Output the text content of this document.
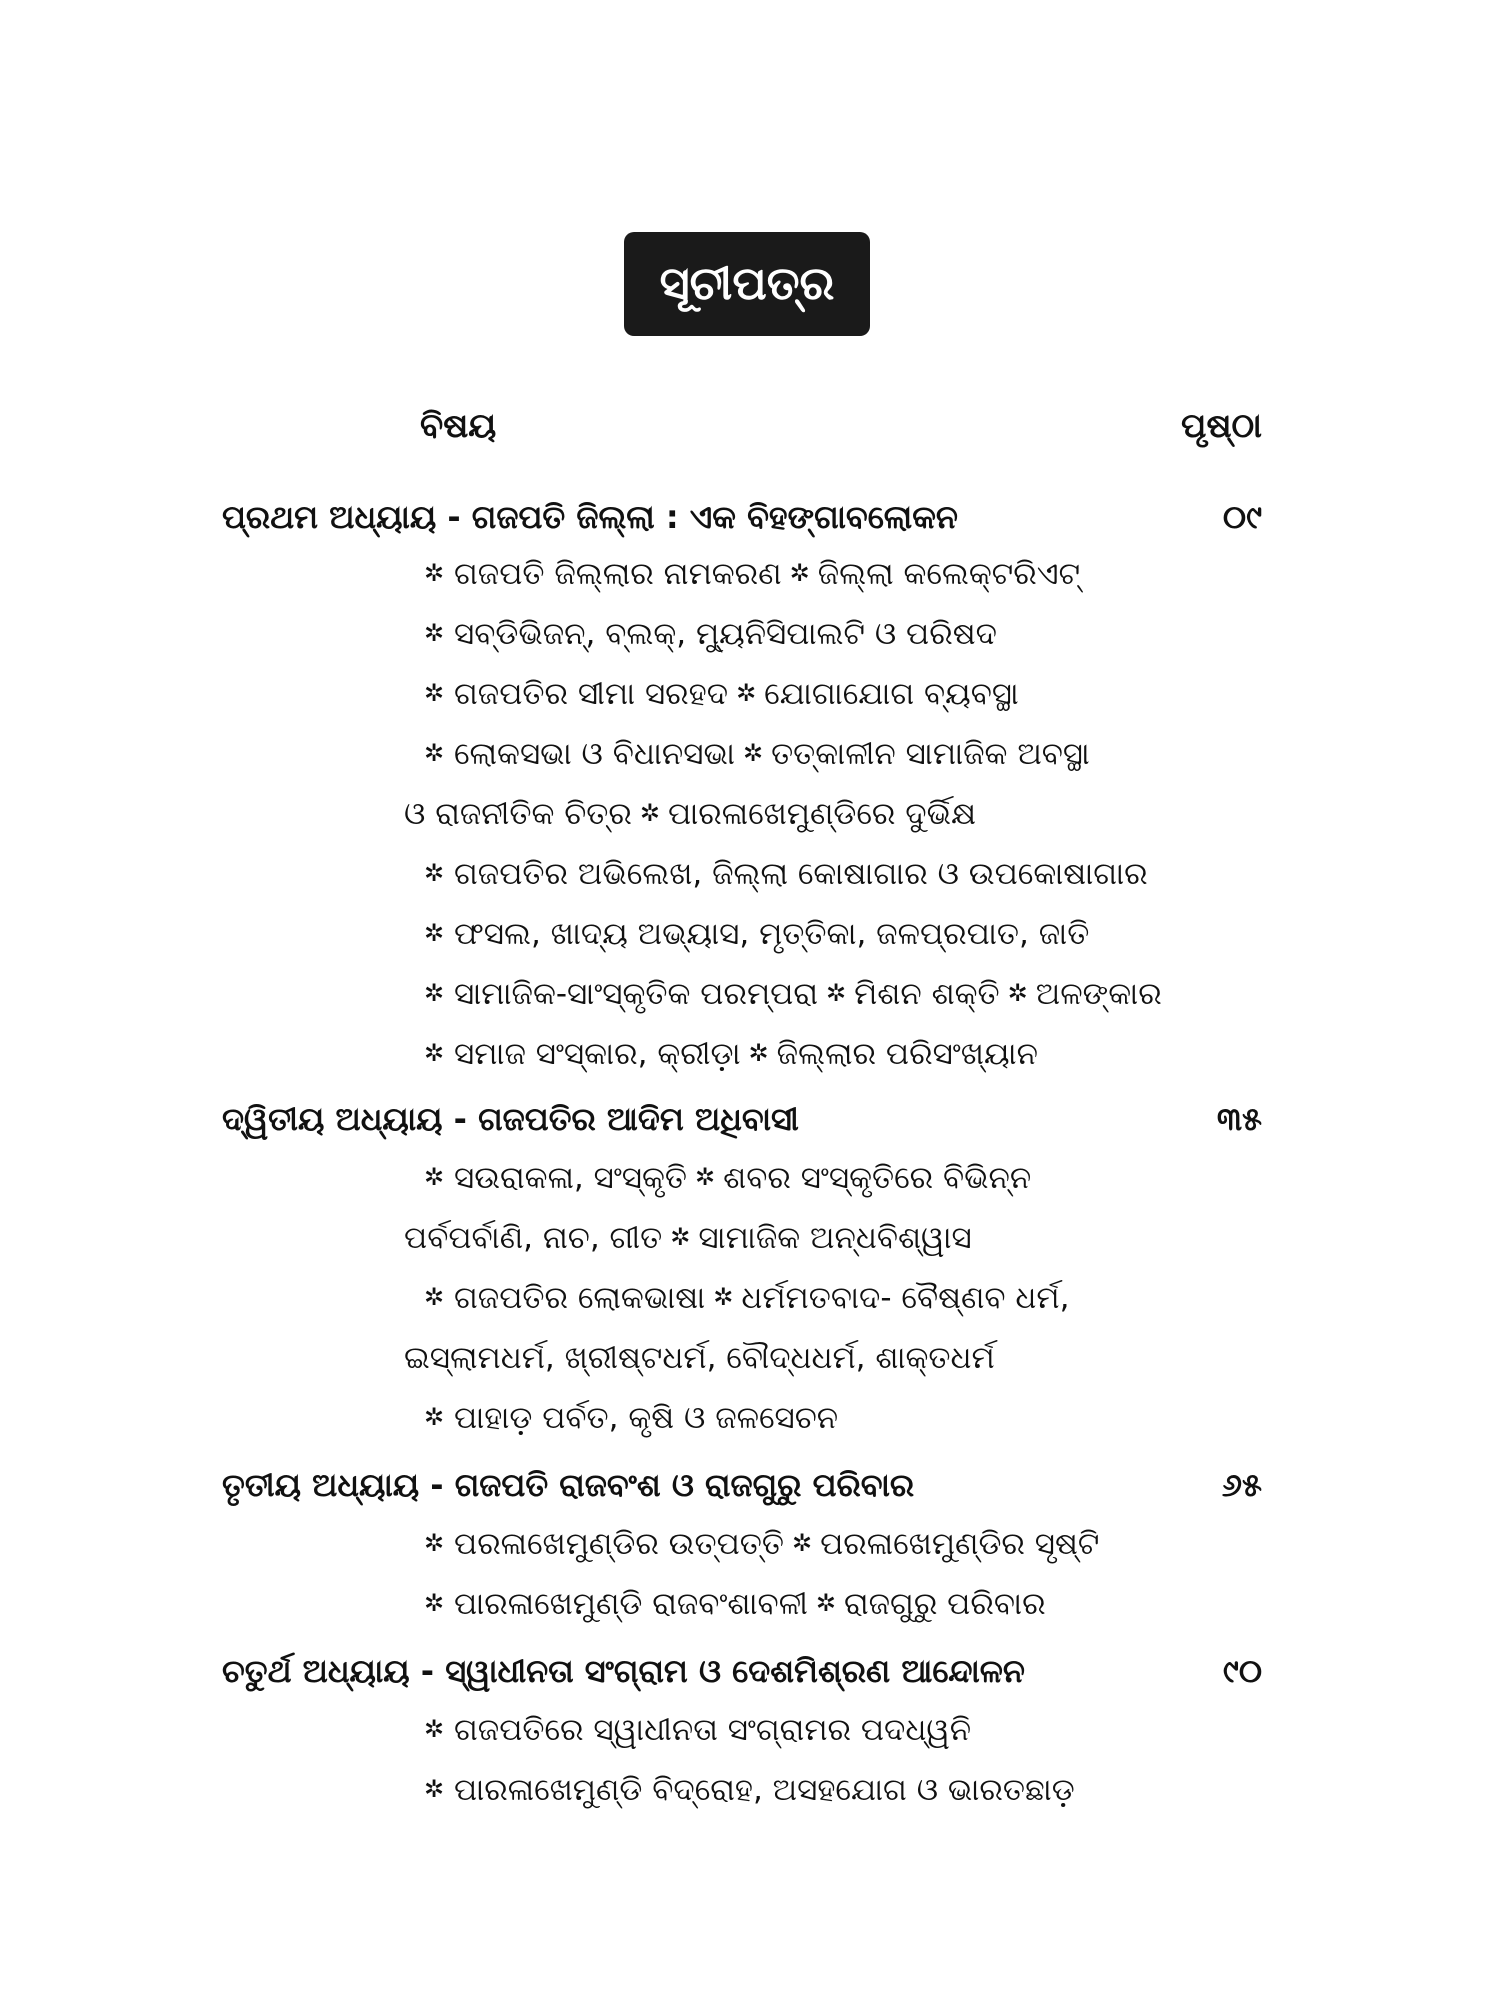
ସୂଚୀପତ୍ର
ବିଷୟ	ପୃଷ୍ଠା
ପ୍ରଥମ ଅଧ୍ୟାୟ - ଗଜପତି ଜିଲ୍ଲା : ଏକ ବିହଙ୍ଗାବଲୋକନ	୦୯
✲ ଗଜପତି ଜିଲ୍ଲାର ନାମକରଣ ✲ ଜିଲ୍ଲା କଲେକ୍ଟରିଏଟ୍
✲ ସବ୍‌ଡିଭିଜନ୍, ବ୍ଲକ୍, ମ୍ୟୁନିସିପାଲଟି ଓ ପରିଷଦ
✲ ଗଜପତିର ସୀମା ସରହଦ ✲ ଯୋଗାଯୋଗ ବ୍ୟବସ୍ଥା
✲ ଲୋକସଭା ଓ ବିଧାନସଭା ✲ ତତ୍କାଳୀନ ସାମାଜିକ ଅବସ୍ଥା
ଓ ରାଜନୀତିକ ଚିତ୍ର ✲ ପାରଳାଖେମୁଣ୍ଡିରେ ଦୁର୍ଭିକ୍ଷ
✲ ଗଜପତିର ଅଭିଲେଖ, ଜିଲ୍ଲା କୋଷାଗାର ଓ ଉପକୋଷାଗାର
✲ ଫସଲ, ଖାଦ୍ୟ ଅଭ୍ୟାସ, ମୃତ୍ତିକା, ଜଳପ୍ରପାତ, ଜାତି
✲ ସାମାଜିକ-ସାଂସ୍କୃତିକ ପରମ୍ପରା ✲ ମିଶନ ଶକ୍ତି ✲ ଅଳଙ୍କାର
✲ ସମାଜ ସଂସ୍କାର, କ୍ରୀଡ଼ା ✲ ଜିଲ୍ଲାର ପରିସଂଖ୍ୟାନ
ଦ୍ୱିତୀୟ ଅଧ୍ୟାୟ - ଗଜପତିର ଆଦିମ ଅଧିବାସୀ	୩୫
✲ ସଉରାକଳା, ସଂସ୍କୃତି ✲ ଶବର ସଂସ୍କୃତିରେ ବିଭିନ୍ନ
ପର୍ବପର୍ବାଣି, ନାଚ, ଗୀତ ✲ ସାମାଜିକ ଅନ୍ଧବିଶ୍ୱାସ
✲ ଗଜପତିର ଲୋକଭାଷା ✲ ଧର୍ମମତବାଦ- ବୈଷ୍ଣବ ଧର୍ମ,
ଇସ୍‌ଲାମଧର୍ମ, ଖ୍ରୀଷ୍ଟଧର୍ମ, ବୌଦ୍ଧଧର୍ମ, ଶାକ୍ତଧର୍ମ
✲ ପାହାଡ଼ ପର୍ବତ, କୃଷି ଓ ଜଳସେଚନ
ତୃତୀୟ ଅଧ୍ୟାୟ - ଗଜପତି ରାଜବଂଶ ଓ ରାଜଗୁରୁ ପରିବାର	୬୫
✲ ପରଳାଖେମୁଣ୍ଡିର ଉତ୍ପତ୍ତି ✲ ପରଳାଖେମୁଣ୍ଡିର ସୃଷ୍ଟି
✲ ପାରଳାଖେମୁଣ୍ଡି ରାଜବଂଶାବଳୀ ✲ ରାଜଗୁରୁ ପରିବାର
ଚତୁର୍ଥ ଅଧ୍ୟାୟ - ସ୍ୱାଧୀନତା ସଂଗ୍ରାମ ଓ ଦେଶମିଶ୍ରଣ ଆନ୍ଦୋଳନ	୯୦
✲ ଗଜପତିରେ ସ୍ୱାଧୀନତା ସଂଗ୍ରାମର ପଦଧ୍ୱନି
✲ ପାରଳାଖେମୁଣ୍ଡି ବିଦ୍ରୋହ, ଅସହଯୋଗ ଓ ଭାରତଛାଡ଼
